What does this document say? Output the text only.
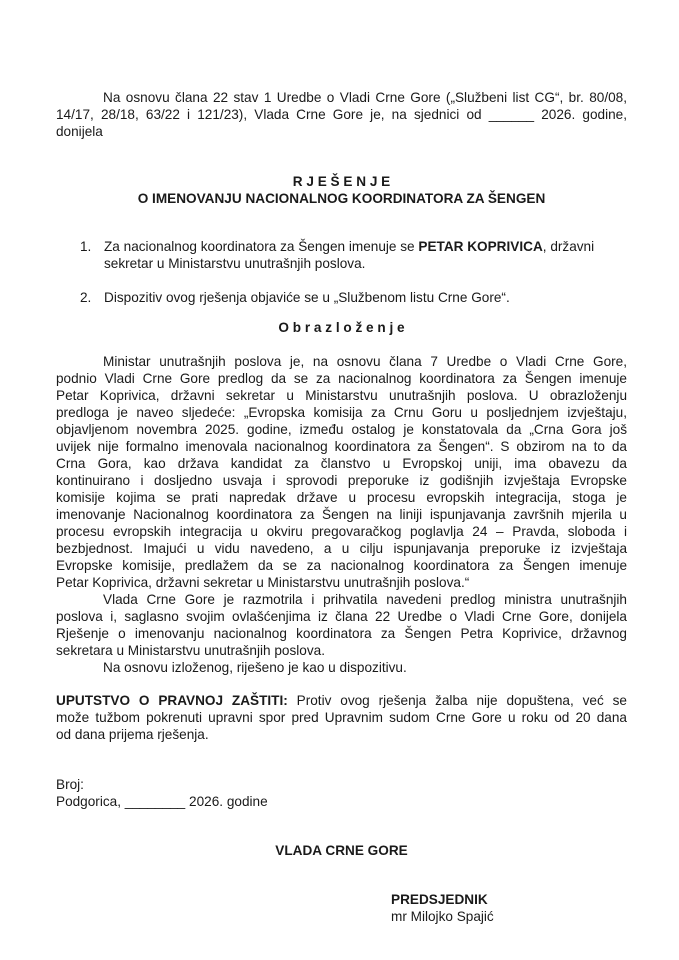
Na osnovu člana 22 stav 1 Uredbe o Vladi Crne Gore („Službeni list CG“, br. 80/08,
14/17, 28/18, 63/22 i 121/23), Vlada Crne Gore je, na sjednici od ______ 2026. godine,
donijela
R J E Š E N J E
O IMENOVANJU NACIONALNOG KOORDINATORA ZA ŠENGEN
1. Za nacionalnog koordinatora za Šengen imenuje se PETAR KOPRIVICA, državni
sekretar u Ministarstvu unutrašnjih poslova.
2. Dispozitiv ovog rješenja objaviće se u „Službenom listu Crne Gore“.
O b r a z l o ž e n j e
Ministar unutrašnjih poslova je, na osnovu člana 7 Uredbe o Vladi Crne Gore,
podnio Vladi Crne Gore predlog da se za nacionalnog koordinatora za Šengen imenuje
Petar Koprivica, državni sekretar u Ministarstvu unutrašnjih poslova. U obrazloženju
predloga je naveo sljedeće: „Evropska komisija za Crnu Goru u posljednjem izvještaju,
objavljenom novembra 2025. godine, između ostalog je konstatovala da „Crna Gora još
uvijek nije formalno imenovala nacionalnog koordinatora za Šengen“. S obzirom na to da
Crna Gora, kao država kandidat za članstvo u Evropskoj uniji, ima obavezu da
kontinuirano i dosljedno usvaja i sprovodi preporuke iz godišnjih izvještaja Evropske
komisije kojima se prati napredak države u procesu evropskih integracija, stoga je
imenovanje Nacionalnog koordinatora za Šengen na liniji ispunjavanja završnih mjerila u
procesu evropskih integracija u okviru pregovaračkog poglavlja 24 – Pravda, sloboda i
bezbjednost. Imajući u vidu navedeno, a u cilju ispunjavanja preporuke iz izvještaja
Evropske komisije, predlažem da se za nacionalnog koordinatora za Šengen imenuje
Petar Koprivica, državni sekretar u Ministarstvu unutrašnjih poslova.“
Vlada Crne Gore je razmotrila i prihvatila navedeni predlog ministra unutrašnjih
poslova i, saglasno svojim ovlašćenjima iz člana 22 Uredbe o Vladi Crne Gore, donijela
Rješenje o imenovanju nacionalnog koordinatora za Šengen Petra Koprivice, državnog
sekretara u Ministarstvu unutrašnjih poslova.
Na osnovu izloženog, riješeno je kao u dispozitivu.
UPUTSTVO O PRAVNOJ ZAŠTITI: Protiv ovog rješenja žalba nije dopuštena, već se
može tužbom pokrenuti upravni spor pred Upravnim sudom Crne Gore u roku od 20 dana
od dana prijema rješenja.
Broj:
Podgorica, ________ 2026. godine
VLADA CRNE GORE
PREDSJEDNIK
mr Milojko Spajić
